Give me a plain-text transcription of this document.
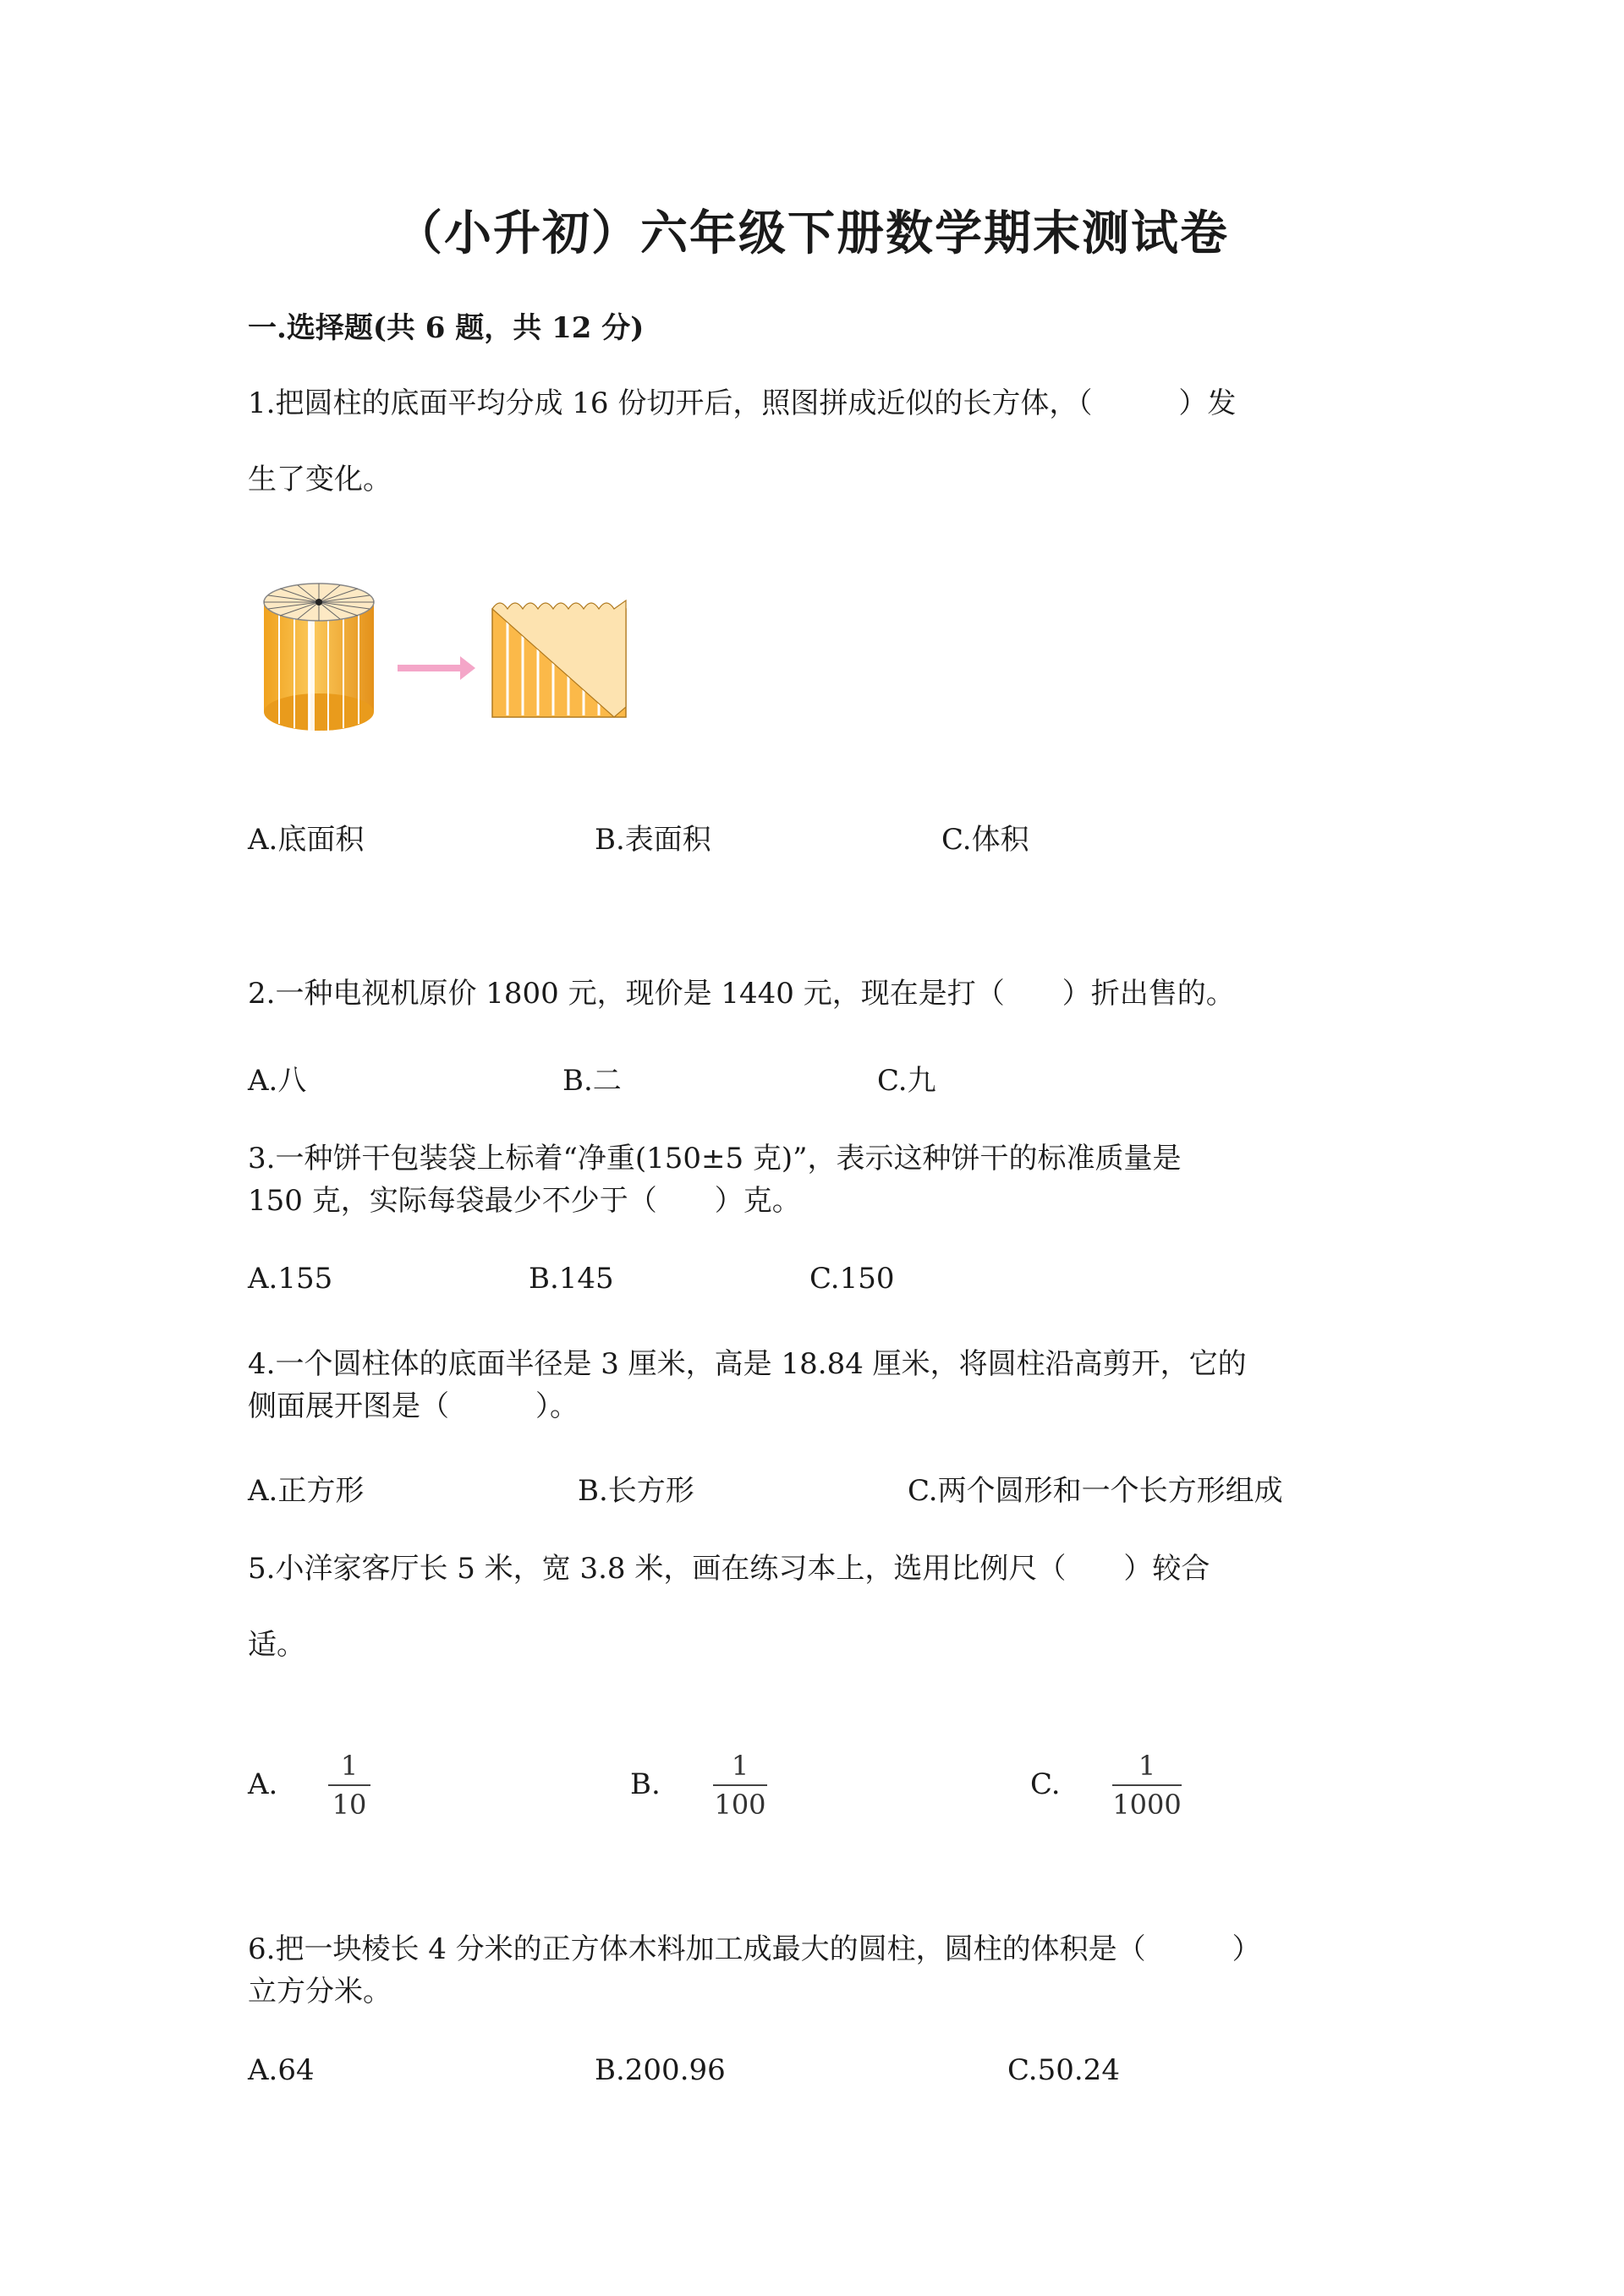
（小升初）六年级下册数学期末测试卷
一.选择题(共 6 题，共 12 分)
1.把圆柱的底面平均分成 16 份切开后，照图拼成近似的长方体，（　　　）发
生了变化。
A.底面积	B.表面积	C.体积
2.一种电视机原价 1800 元，现价是 1440 元，现在是打（　　）折出售的。
A.八	B.二	C.九
3.一种饼干包装袋上标着“净重(150±5 克)”，表示这种饼干的标准质量是
150 克，实际每袋最少不少于（　　）克。
A.155	B.145	C.150
4.一个圆柱体的底面半径是 3 厘米，高是 18.84 厘米，将圆柱沿高剪开，它的
侧面展开图是（　　　）。
A.正方形	B.长方形	C.两个圆形和一个长方形组成
5.小洋家客厅长 5 米，宽 3.8 米，画在练习本上，选用比例尺（　　）较合
适。
A.
1
10
B.
1
100
C.
1
1000
6.把一块棱长 4 分米的正方体木料加工成最大的圆柱，圆柱的体积是（　　　）
立方分米。
A.64	B.200.96	C.50.24
